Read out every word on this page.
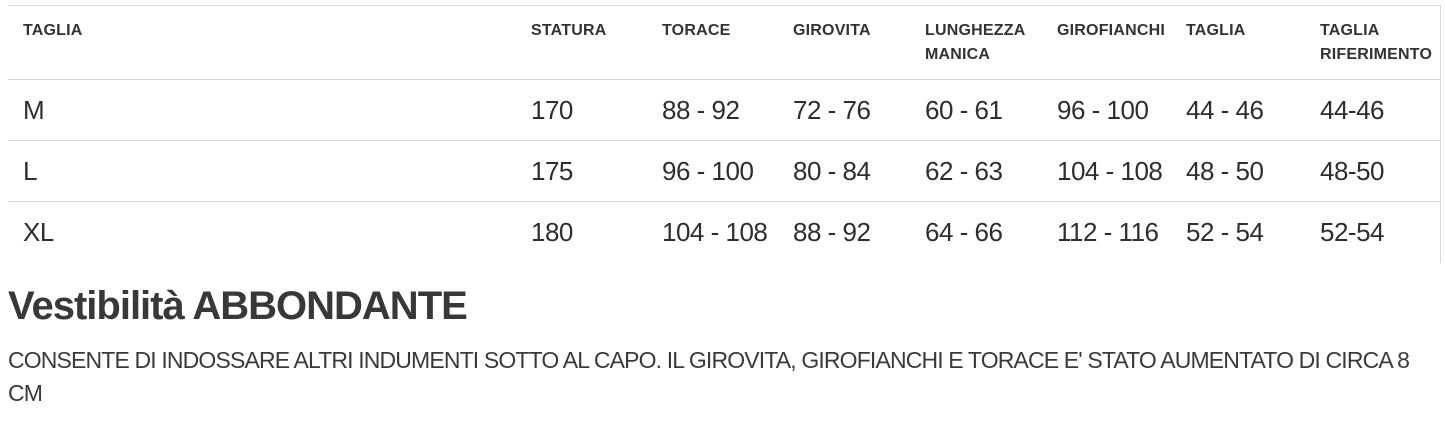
TAGLIA	STATURA	TORACE	GIROVITA	LUNGHEZZA MANICA	GIROFIANCHI	TAGLIA	TAGLIA RIFERIMENTO
M	170	88 - 92	72 - 76	60 - 61	96 - 100	44 - 46	44-46
L	175	96 - 100	80 - 84	62 - 63	104 - 108	48 - 50	48-50
XL	180	104 - 108	88 - 92	64 - 66	112 - 116	52 - 54	52-54
Vestibilità ABBONDANTE

CONSENTE DI INDOSSARE ALTRI INDUMENTI SOTTO AL CAPO. IL GIROVITA, GIROFIANCHI E TORACE E' STATO AUMENTATO DI CIRCA 8 CM
